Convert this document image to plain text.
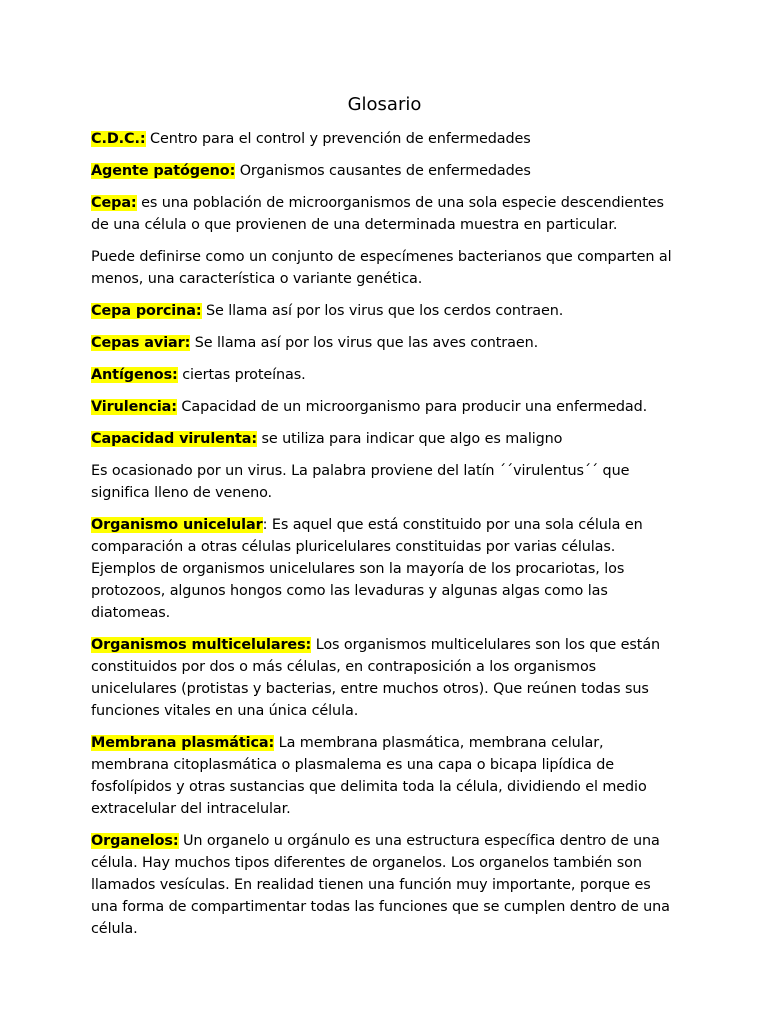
Glosario

C.D.C.: Centro para el control y prevención de enfermedades

Agente patógeno: Organismos causantes de enfermedades

Cepa: es una población de microorganismos de una sola especie descendientes de una célula o que provienen de una determinada muestra en particular.

Puede definirse como un conjunto de especímenes bacterianos que comparten al menos, una característica o variante genética.

Cepa porcina: Se llama así por los virus que los cerdos contraen.

Cepas aviar: Se llama así por los virus que las aves contraen.

Antígenos: ciertas proteínas.

Virulencia: Capacidad de un microorganismo para producir una enfermedad.

Capacidad virulenta: se utiliza para indicar que algo es maligno

Es ocasionado por un virus. La palabra proviene del latín ´´virulentus´´ que significa lleno de veneno.

Organismo unicelular: Es aquel que está constituido por una sola célula en comparación a otras células pluricelulares constituidas por varias células. Ejemplos de organismos unicelulares son la mayoría de los procariotas, los protozoos, algunos hongos como las levaduras y algunas algas como las diatomeas.

Organismos multicelulares: Los organismos multicelulares son los que están constituidos por dos o más células, en contraposición a los organismos unicelulares (protistas y bacterias, entre muchos otros). Que reúnen todas sus funciones vitales en una única célula.

Membrana plasmática: La membrana plasmática, membrana celular, membrana citoplasmática o plasmalema es una capa o bicapa lipídica de fosfolípidos y otras sustancias que delimita toda la célula, dividiendo el medio extracelular del intracelular.

Organelos: Un organelo u orgánulo es una estructura específica dentro de una célula. Hay muchos tipos diferentes de organelos. Los organelos también son llamados vesículas. En realidad tienen una función muy importante, porque es una forma de compartimentar todas las funciones que se cumplen dentro de una célula.
